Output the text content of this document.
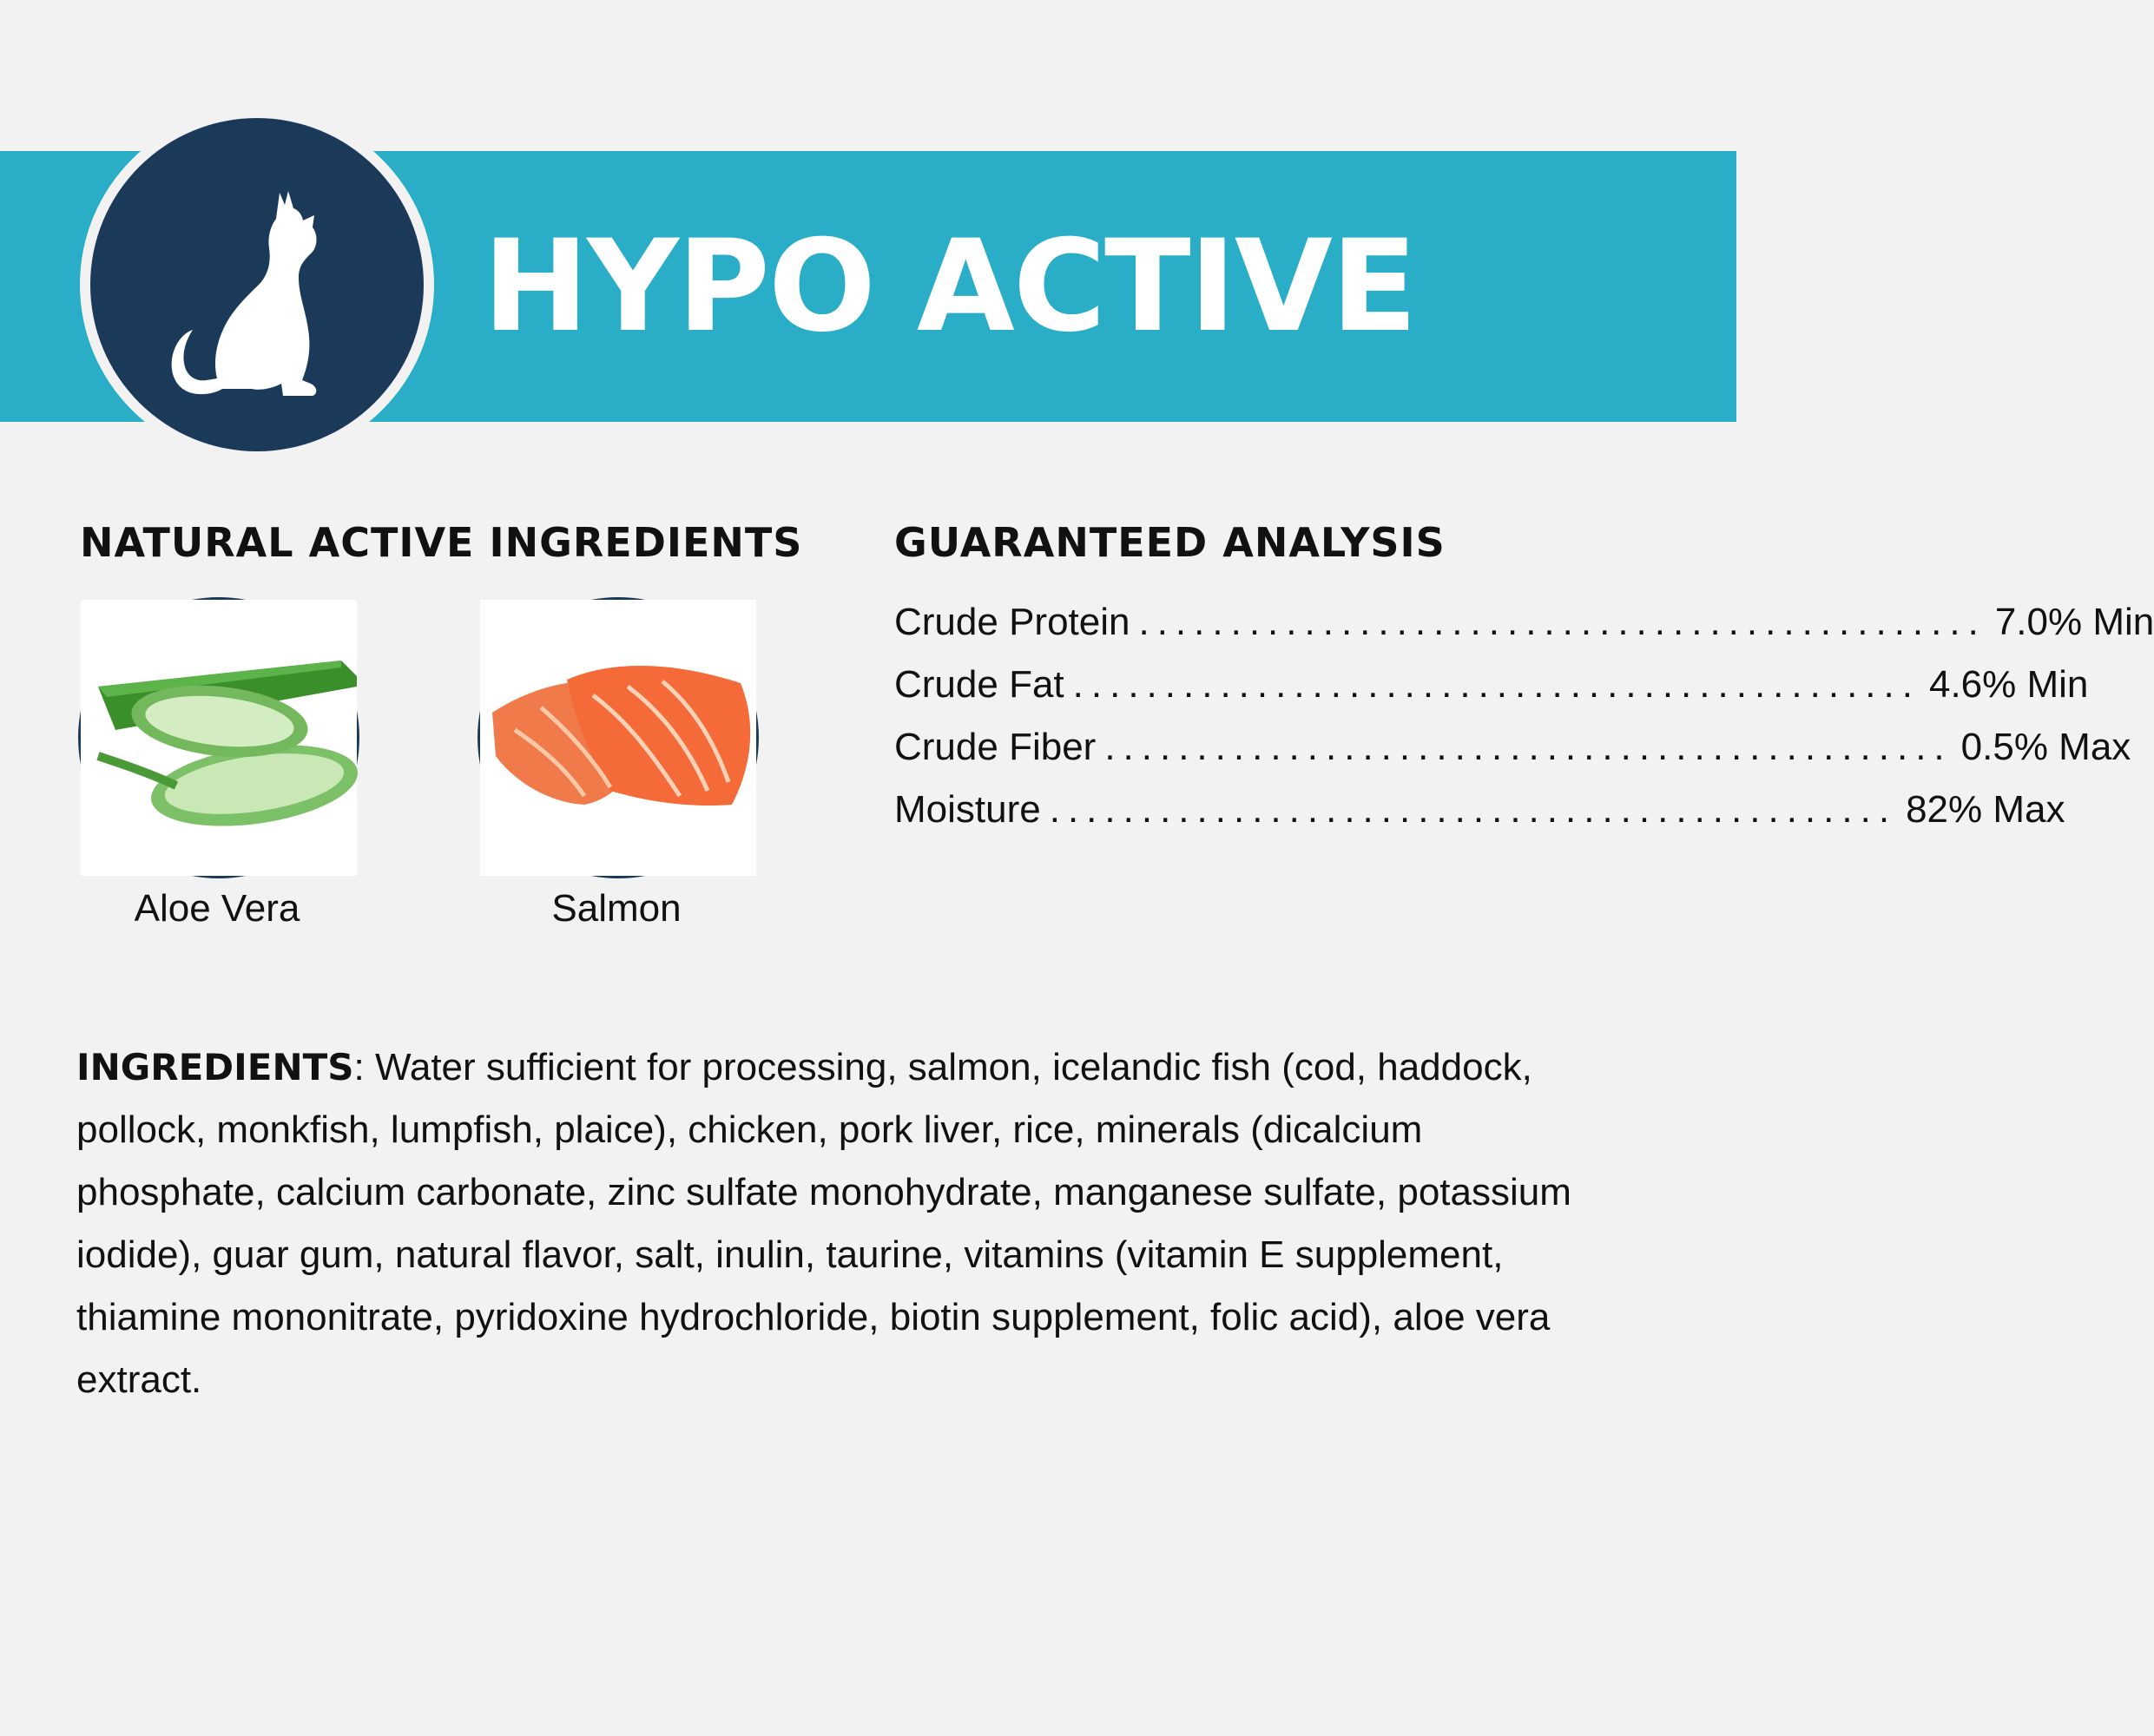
HYPO ACTIVE
NATURAL ACTIVE INGREDIENTS
Aloe Vera	Salmon
GUARANTEED ANALYSIS
Crude Protein .............................................. 7.0% Min
Crude Fat .............................................. 4.6% Min
Crude Fiber .............................................. 0.5% Max
Moisture .............................................. 82% Max
INGREDIENTS: Water sufficient for processing, salmon, icelandic fish (cod, haddock, pollock, monkfish, lumpfish, plaice), chicken, pork liver, rice, minerals (dicalcium phosphate, calcium carbonate, zinc sulfate monohydrate, manganese sulfate, potassium iodide), guar gum, natural flavor, salt, inulin, taurine, vitamins (vitamin E supplement, thiamine mononitrate, pyridoxine hydrochloride, biotin supplement, folic acid), aloe vera extract.
